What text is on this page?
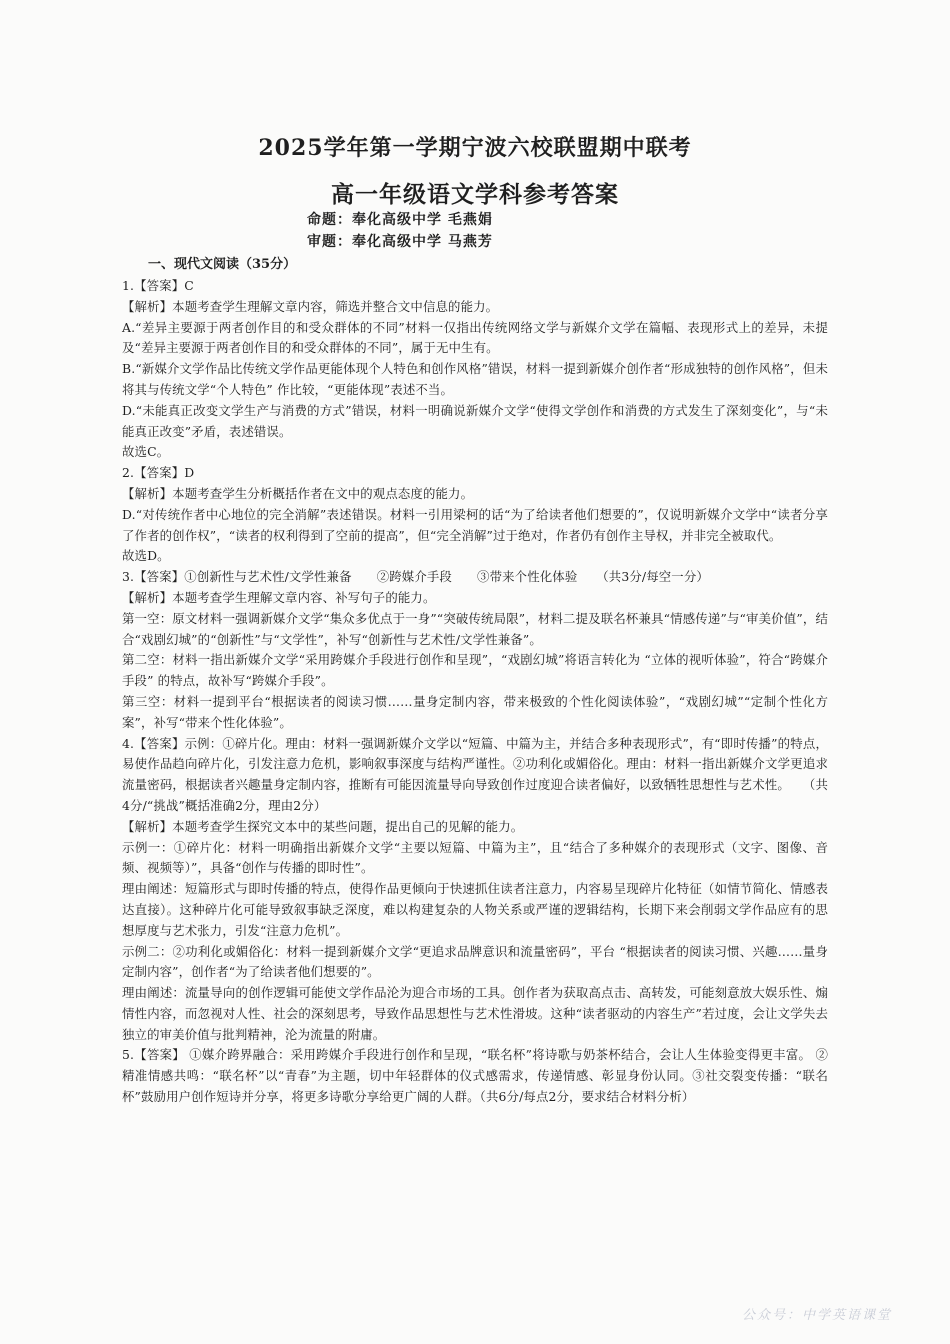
2025学年第一学期宁波六校联盟期中联考
高一年级语文学科参考答案
命题：奉化高级中学 毛燕娟
审题：奉化高级中学 马燕芳
一、现代文阅读（35分）

1.【答案】C

【解析】本题考查学生理解文章内容，筛选并整合文中信息的能力。

A.“差异主要源于两者创作目的和受众群体的不同”材料一仅指出传统网络文学与新媒介文学在篇幅、表现形式上的差异，未提及“差异主要源于两者创作目的和受众群体的不同”，属于无中生有。

B.“新媒介文学作品比传统文学作品更能体现个人特色和创作风格”错误，材料一提到新媒介创作者“形成独特的创作风格”，但未将其与传统文学“个人特色” 作比较，“更能体现”表述不当。

D.“未能真正改变文学生产与消费的方式”错误，材料一明确说新媒介文学“使得文学创作和消费的方式发生了深刻变化”，与“未能真正改变”矛盾，表述错误。

故选C。

2.【答案】D

【解析】本题考查学生分析概括作者在文中的观点态度的能力。

D.“对传统作者中心地位的完全消解”表述错误。材料一引用梁柯的话“为了给读者他们想要的”，仅说明新媒介文学中“读者分享了作者的创作权”，“读者的权利得到了空前的提高”，但“完全消解”过于绝对，作者仍有创作主导权，并非完全被取代。

故选D。

3.【答案】①创新性与艺术性/文学性兼备　　②跨媒介手段　　③带来个性化体验　　（共3分/每空一分）

【解析】本题考查学生理解文章内容、补写句子的能力。

第一空：原文材料一强调新媒介文学“集众多优点于一身”“突破传统局限”，材料二提及联名杯兼具“情感传递”与“审美价值”，结合“戏剧幻城”的“创新性”与“文学性”，补写“创新性与艺术性/文学性兼备”。

第二空：材料一指出新媒介文学“采用跨媒介手段进行创作和呈现”，“戏剧幻城”将语言转化为 “立体的视听体验”，符合“跨媒介手段” 的特点，故补写“跨媒介手段”。

第三空：材料一提到平台“根据读者的阅读习惯……量身定制内容，带来极致的个性化阅读体验”，“戏剧幻城”“定制个性化方案”，补写“带来个性化体验”。

4.【答案】示例：①碎片化。理由：材料一强调新媒介文学以“短篇、中篇为主，并结合多种表现形式”，有“即时传播”的特点，易使作品趋向碎片化，引发注意力危机，影响叙事深度与结构严谨性。②功利化或媚俗化。理由：材料一指出新媒介文学更追求流量密码，根据读者兴趣量身定制内容，推断有可能因流量导向导致创作过度迎合读者偏好，以致牺牲思想性与艺术性。　　（共4分/“挑战”概括准确2分，理由2分）

【解析】本题考查学生探究文本中的某些问题，提出自己的见解的能力。

示例一：①碎片化：材料一明确指出新媒介文学“主要以短篇、中篇为主”，且“结合了多种媒介的表现形式（文字、图像、音频、视频等）”，具备“创作与传播的即时性”。

理由阐述：短篇形式与即时传播的特点，使得作品更倾向于快速抓住读者注意力，内容易呈现碎片化特征（如情节简化、情感表达直接）。这种碎片化可能导致叙事缺乏深度，难以构建复杂的人物关系或严谨的逻辑结构，长期下来会削弱文学作品应有的思想厚度与艺术张力，引发“注意力危机”。

示例二：②功利化或媚俗化：材料一提到新媒介文学“更追求品牌意识和流量密码”，平台 “根据读者的阅读习惯、兴趣……量身定制内容”，创作者“为了给读者他们想要的”。

理由阐述：流量导向的创作逻辑可能使文学作品沦为迎合市场的工具。创作者为获取高点击、高转发，可能刻意放大娱乐性、煽情性内容，而忽视对人性、社会的深刻思考，导致作品思想性与艺术性滑坡。这种“读者驱动的内容生产”若过度，会让文学失去独立的审美价值与批判精神，沦为流量的附庸。

5.【答案】 ①媒介跨界融合：采用跨媒介手段进行创作和呈现，“联名杯”将诗歌与奶茶杯结合，会让人生体验变得更丰富。 ②精准情感共鸣：“联名杯”以“青春”为主题，切中年轻群体的仪式感需求，传递情感、彰显身份认同。③社交裂变传播：“联名杯”鼓励用户创作短诗并分享，将更多诗歌分享给更广阔的人群。（共6分/每点2分，要求结合材料分析）

公众号：中学英语课堂
